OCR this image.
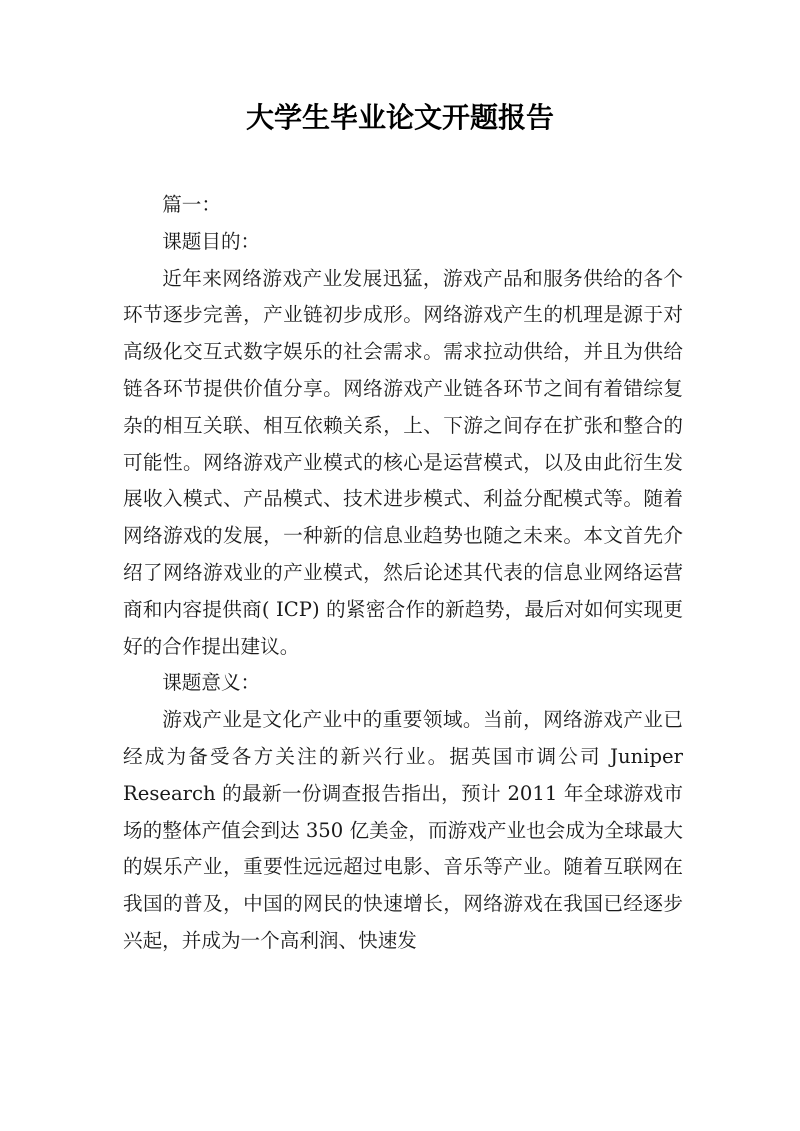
大学生毕业论文开题报告

篇一：

课题目的：

近年来网络游戏产业发展迅猛，游戏产品和服务供给的各个环节逐步完善，产业链初步成形。网络游戏产生的机理是源于对高级化交互式数字娱乐的社会需求。需求拉动供给，并且为供给链各环节提供价值分享。网络游戏产业链各环节之间有着错综复杂的相互关联、相互依赖关系，上、下游之间存在扩张和整合的可能性。网络游戏产业模式的核心是运营模式，以及由此衍生发展收入模式、产品模式、技术进步模式、利益分配模式等。随着网络游戏的发展，一种新的信息业趋势也随之未来。本文首先介绍了网络游戏业的产业模式，然后论述其代表的信息业网络运营商和内容提供商( ICP) 的紧密合作的新趋势，最后对如何实现更好的合作提出建议。

课题意义：

游戏产业是文化产业中的重要领域。当前，网络游戏产业已经成为备受各方关注的新兴行业。据英国市调公司 Juniper Research 的最新一份调查报告指出，预计 2011 年全球游戏市场的整体产值会到达 350 亿美金，而游戏产业也会成为全球最大的娱乐产业，重要性远远超过电影、音乐等产业。随着互联网在我国的普及，中国的网民的快速增长，网络游戏在我国已经逐步兴起，并成为一个高利润、快速发
